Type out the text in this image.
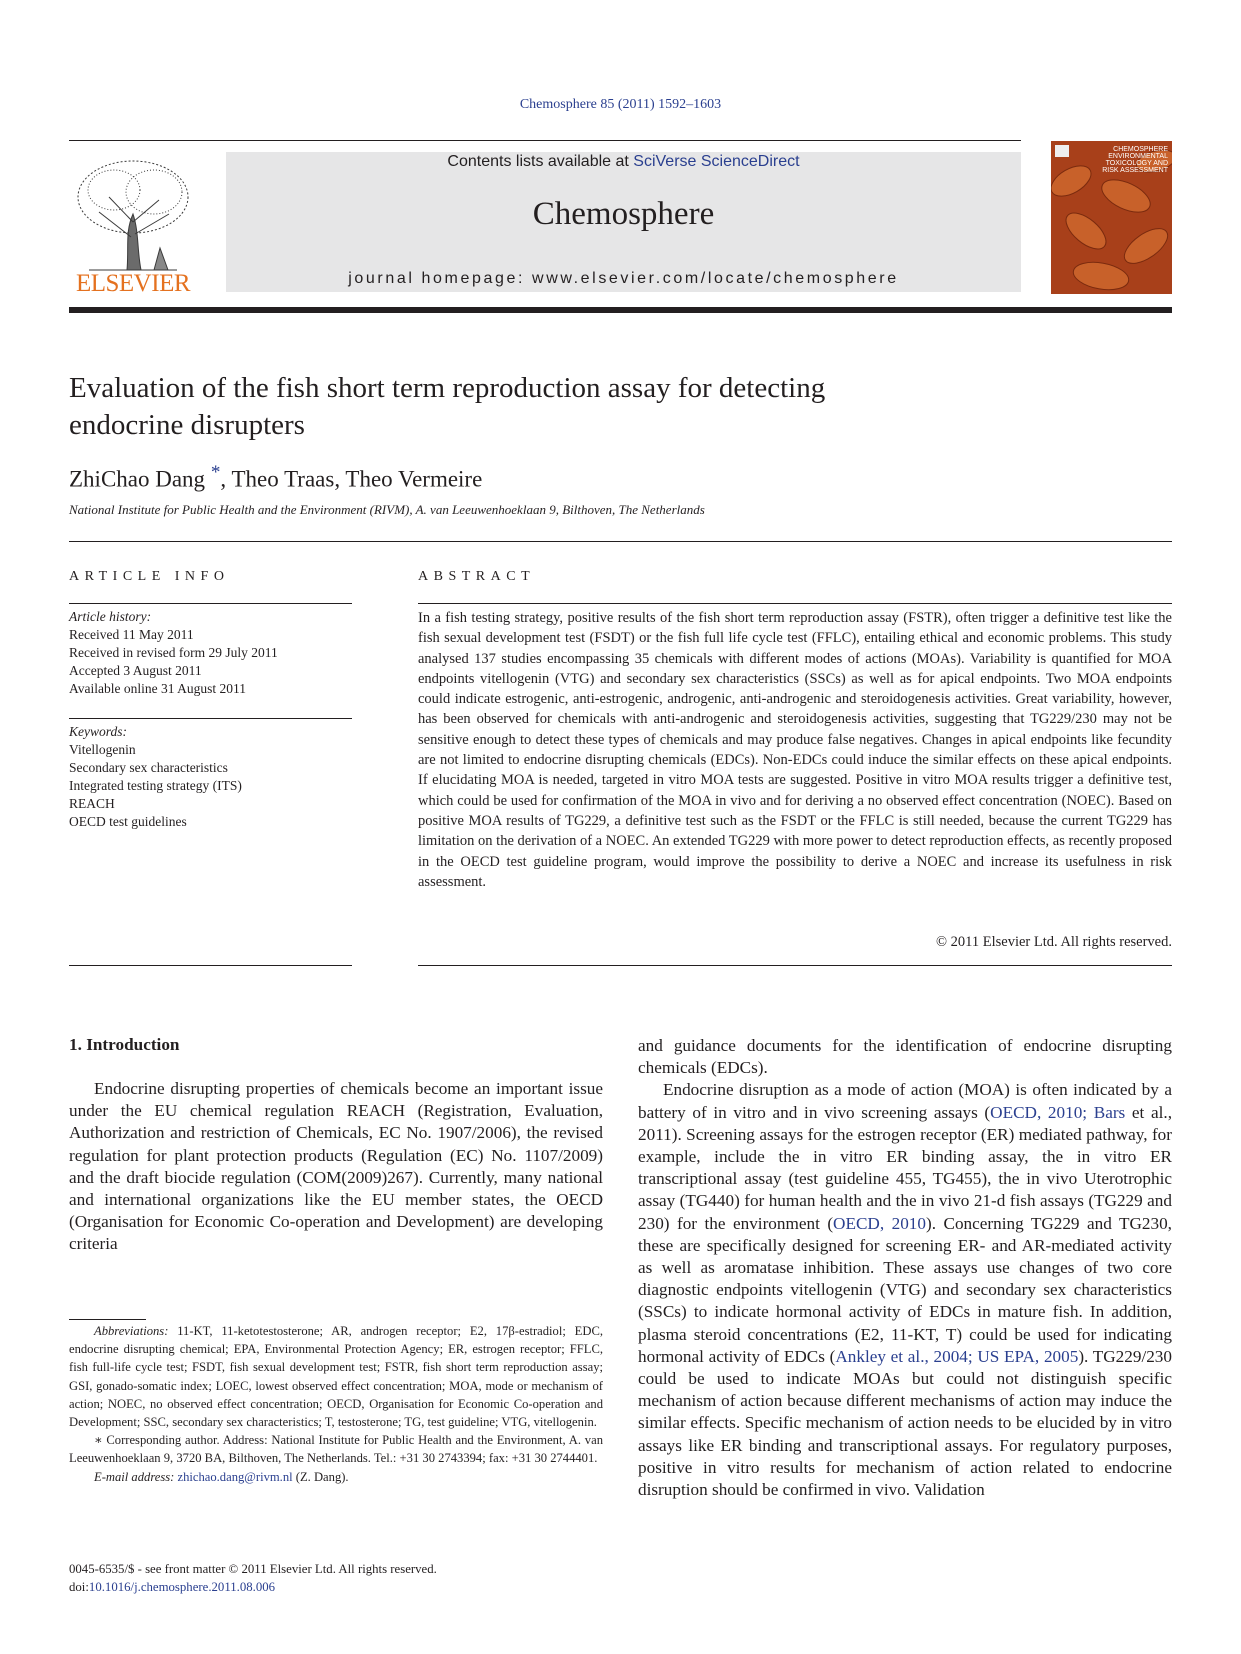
Chemosphere 85 (2011) 1592–1603
ELSEVIER
Contents lists available at SciVerse ScienceDirect
Chemosphere
journal homepage: www.elsevier.com/locate/chemosphere
CHEMOSPHERE ENVIRONMENTAL TOXICOLOGY AND RISK ASSESSMENT
Evaluation of the fish short term reproduction assay for detecting
endocrine disrupters
ZhiChao Dang *, Theo Traas, Theo Vermeire
National Institute for Public Health and the Environment (RIVM), A. van Leeuwenhoeklaan 9, Bilthoven, The Netherlands
ARTICLE INFO
Article history:
Received 11 May 2011
Received in revised form 29 July 2011
Accepted 3 August 2011
Available online 31 August 2011
Keywords:
Vitellogenin
Secondary sex characteristics
Integrated testing strategy (ITS)
REACH
OECD test guidelines
ABSTRACT
In a fish testing strategy, positive results of the fish short term reproduction assay (FSTR), often trigger a definitive test like the fish sexual development test (FSDT) or the fish full life cycle test (FFLC), entailing ethical and economic problems. This study analysed 137 studies encompassing 35 chemicals with different modes of actions (MOAs). Variability is quantified for MOA endpoints vitellogenin (VTG) and secondary sex characteristics (SSCs) as well as for apical endpoints. Two MOA endpoints could indicate estrogenic, anti-estrogenic, androgenic, anti-androgenic and steroidogenesis activities. Great variability, however, has been observed for chemicals with anti-androgenic and steroidogenesis activities, suggesting that TG229/230 may not be sensitive enough to detect these types of chemicals and may produce false negatives. Changes in apical endpoints like fecundity are not limited to endocrine disrupting chemicals (EDCs). Non-EDCs could induce the similar effects on these apical endpoints. If elucidating MOA is needed, targeted in vitro MOA tests are suggested. Positive in vitro MOA results trigger a definitive test, which could be used for confirmation of the MOA in vivo and for deriving a no observed effect concentration (NOEC). Based on positive MOA results of TG229, a definitive test such as the FSDT or the FFLC is still needed, because the current TG229 has limitation on the derivation of a NOEC. An extended TG229 with more power to detect reproduction effects, as recently proposed in the OECD test guideline program, would improve the possibility to derive a NOEC and increase its usefulness in risk assessment.
© 2011 Elsevier Ltd. All rights reserved.
1. Introduction

Endocrine disrupting properties of chemicals become an important issue under the EU chemical regulation REACH (Registration, Evaluation, Authorization and restriction of Chemicals, EC No. 1907/2006), the revised regulation for plant protection products (Regulation (EC) No. 1107/2009) and the draft biocide regulation (COM(2009)267). Currently, many national and international organizations like the EU member states, the OECD (Organisation for Economic Co-operation and Development) are developing criteria

Abbreviations: 11-KT, 11-ketotestosterone; AR, androgen receptor; E2, 17β-estradiol; EDC, endocrine disrupting chemical; EPA, Environmental Protection Agency; ER, estrogen receptor; FFLC, fish full-life cycle test; FSDT, fish sexual development test; FSTR, fish short term reproduction assay; GSI, gonado-somatic index; LOEC, lowest observed effect concentration; MOA, mode or mechanism of action; NOEC, no observed effect concentration; OECD, Organisation for Economic Co-operation and Development; SSC, secondary sex characteristics; T, testosterone; TG, test guideline; VTG, vitellogenin.

∗ Corresponding author. Address: National Institute for Public Health and the Environment, A. van Leeuwenhoeklaan 9, 3720 BA, Bilthoven, The Netherlands. Tel.: +31 30 2743394; fax: +31 30 2744401.

E-mail address: zhichao.dang@rivm.nl (Z. Dang).

0045-6535/$ - see front matter © 2011 Elsevier Ltd. All rights reserved.
doi:10.1016/j.chemosphere.2011.08.006

and guidance documents for the identification of endocrine disrupting chemicals (EDCs).

Endocrine disruption as a mode of action (MOA) is often indicated by a battery of in vitro and in vivo screening assays (OECD, 2010; Bars et al., 2011). Screening assays for the estrogen receptor (ER) mediated pathway, for example, include the in vitro ER binding assay, the in vitro ER transcriptional assay (test guideline 455, TG455), the in vivo Uterotrophic assay (TG440) for human health and the in vivo 21-d fish assays (TG229 and 230) for the environment (OECD, 2010). Concerning TG229 and TG230, these are specifically designed for screening ER- and AR-mediated activity as well as aromatase inhibition. These assays use changes of two core diagnostic endpoints vitellogenin (VTG) and secondary sex characteristics (SSCs) to indicate hormonal activity of EDCs in mature fish. In addition, plasma steroid concentrations (E2, 11-KT, T) could be used for indicating hormonal activity of EDCs (Ankley et al., 2004; US EPA, 2005). TG229/230 could be used to indicate MOAs but could not distinguish specific mechanism of action because different mechanisms of action may induce the similar effects. Specific mechanism of action needs to be elucided by in vitro assays like ER binding and transcriptional assays. For regulatory purposes, positive in vitro results for mechanism of action related to endocrine disruption should be confirmed in vivo. Validation
